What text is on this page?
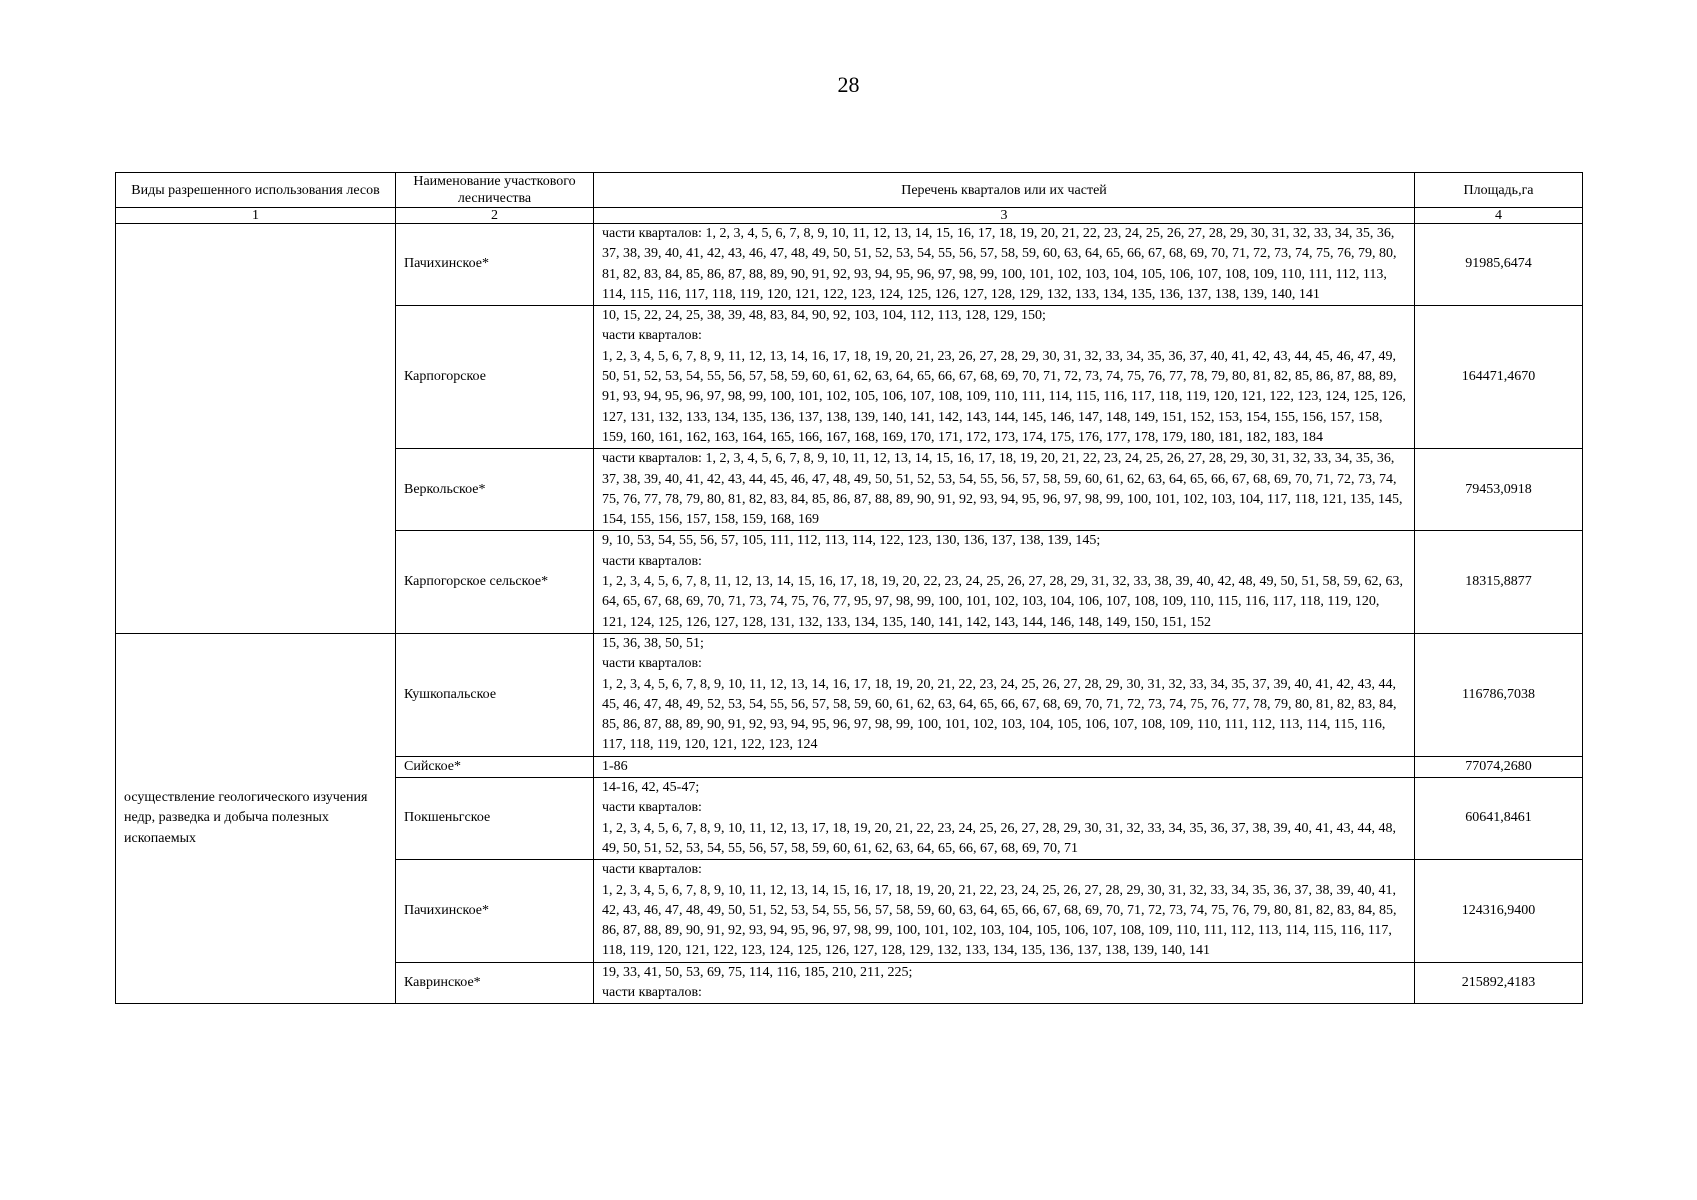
28
Виды разрешенного использования лесов	Наименование участкового лесничества	Перечень кварталов или их частей	Площадь,га
1	2	3	4
	Пачихинское*	части кварталов: 1, 2, 3, 4, 5, 6, 7, 8, 9, 10, 11, 12, 13, 14, 15, 16, 17, 18, 19, 20, 21, 22, 23, 24, 25, 26, 27, 28, 29, 30, 31, 32, 33, 34, 35, 36, 37, 38, 39, 40, 41, 42, 43, 46, 47, 48, 49, 50, 51, 52, 53, 54, 55, 56, 57, 58, 59, 60, 63, 64, 65, 66, 67, 68, 69, 70, 71, 72, 73, 74, 75, 76, 79, 80, 81, 82, 83, 84, 85, 86, 87, 88, 89, 90, 91, 92, 93, 94, 95, 96, 97, 98, 99, 100, 101, 102, 103, 104, 105, 106, 107, 108, 109, 110, 111, 112, 113, 114, 115, 116, 117, 118, 119, 120, 121, 122, 123, 124, 125, 126, 127, 128, 129, 132, 133, 134, 135, 136, 137, 138, 139, 140, 141	91985,6474
	Карпогорское	10, 15, 22, 24, 25, 38, 39, 48, 83, 84, 90, 92, 103, 104, 112, 113, 128, 129, 150;
части кварталов:
1, 2, 3, 4, 5, 6, 7, 8, 9, 11, 12, 13, 14, 16, 17, 18, 19, 20, 21, 23, 26, 27, 28, 29, 30, 31, 32, 33, 34, 35, 36, 37, 40, 41, 42, 43, 44, 45, 46, 47, 49, 50, 51, 52, 53, 54, 55, 56, 57, 58, 59, 60, 61, 62, 63, 64, 65, 66, 67, 68, 69, 70, 71, 72, 73, 74, 75, 76, 77, 78, 79, 80, 81, 82, 85, 86, 87, 88, 89, 91, 93, 94, 95, 96, 97, 98, 99, 100, 101, 102, 105, 106, 107, 108, 109, 110, 111, 114, 115, 116, 117, 118, 119, 120, 121, 122, 123, 124, 125, 126, 127, 131, 132, 133, 134, 135, 136, 137, 138, 139, 140, 141, 142, 143, 144, 145, 146, 147, 148, 149, 151, 152, 153, 154, 155, 156, 157, 158, 159, 160, 161, 162, 163, 164, 165, 166, 167, 168, 169, 170, 171, 172, 173, 174, 175, 176, 177, 178, 179, 180, 181, 182, 183, 184	164471,4670
	Веркольское*	части кварталов: 1, 2, 3, 4, 5, 6, 7, 8, 9, 10, 11, 12, 13, 14, 15, 16, 17, 18, 19, 20, 21, 22, 23, 24, 25, 26, 27, 28, 29, 30, 31, 32, 33, 34, 35, 36, 37, 38, 39, 40, 41, 42, 43, 44, 45, 46, 47, 48, 49, 50, 51, 52, 53, 54, 55, 56, 57, 58, 59, 60, 61, 62, 63, 64, 65, 66, 67, 68, 69, 70, 71, 72, 73, 74, 75, 76, 77, 78, 79, 80, 81, 82, 83, 84, 85, 86, 87, 88, 89, 90, 91, 92, 93, 94, 95, 96, 97, 98, 99, 100, 101, 102, 103, 104, 117, 118, 121, 135, 145, 154, 155, 156, 157, 158, 159, 168, 169	79453,0918
	Карпогорское сельское*	9, 10, 53, 54, 55, 56, 57, 105, 111, 112, 113, 114, 122, 123, 130, 136, 137, 138, 139, 145;
части кварталов:
1, 2, 3, 4, 5, 6, 7, 8, 11, 12, 13, 14, 15, 16, 17, 18, 19, 20, 22, 23, 24, 25, 26, 27, 28, 29, 31, 32, 33, 38, 39, 40, 42, 48, 49, 50, 51, 58, 59, 62, 63, 64, 65, 67, 68, 69, 70, 71, 73, 74, 75, 76, 77, 95, 97, 98, 99, 100, 101, 102, 103, 104, 106, 107, 108, 109, 110, 115, 116, 117, 118, 119, 120, 121, 124, 125, 126, 127, 128, 131, 132, 133, 134, 135, 140, 141, 142, 143, 144, 146, 148, 149, 150, 151, 152	18315,8877
осуществление геологического изучения недр, разведка и добыча полезных ископаемых	Кушкопальское	15, 36, 38, 50, 51;
части кварталов:
1, 2, 3, 4, 5, 6, 7, 8, 9, 10, 11, 12, 13, 14, 16, 17, 18, 19, 20, 21, 22, 23, 24, 25, 26, 27, 28, 29, 30, 31, 32, 33, 34, 35, 37, 39, 40, 41, 42, 43, 44, 45, 46, 47, 48, 49, 52, 53, 54, 55, 56, 57, 58, 59, 60, 61, 62, 63, 64, 65, 66, 67, 68, 69, 70, 71, 72, 73, 74, 75, 76, 77, 78, 79, 80, 81, 82, 83, 84, 85, 86, 87, 88, 89, 90, 91, 92, 93, 94, 95, 96, 97, 98, 99, 100, 101, 102, 103, 104, 105, 106, 107, 108, 109, 110, 111, 112, 113, 114, 115, 116, 117, 118, 119, 120, 121, 122, 123, 124	116786,7038
	Сийское*	1-86	77074,2680
	Покшеньгское	14-16, 42, 45-47;
части кварталов:
1, 2, 3, 4, 5, 6, 7, 8, 9, 10, 11, 12, 13, 17, 18, 19, 20, 21, 22, 23, 24, 25, 26, 27, 28, 29, 30, 31, 32, 33, 34, 35, 36, 37, 38, 39, 40, 41, 43, 44, 48, 49, 50, 51, 52, 53, 54, 55, 56, 57, 58, 59, 60, 61, 62, 63, 64, 65, 66, 67, 68, 69, 70, 71	60641,8461
	Пачихинское*	части кварталов:
1, 2, 3, 4, 5, 6, 7, 8, 9, 10, 11, 12, 13, 14, 15, 16, 17, 18, 19, 20, 21, 22, 23, 24, 25, 26, 27, 28, 29, 30, 31, 32, 33, 34, 35, 36, 37, 38, 39, 40, 41, 42, 43, 46, 47, 48, 49, 50, 51, 52, 53, 54, 55, 56, 57, 58, 59, 60, 63, 64, 65, 66, 67, 68, 69, 70, 71, 72, 73, 74, 75, 76, 79, 80, 81, 82, 83, 84, 85, 86, 87, 88, 89, 90, 91, 92, 93, 94, 95, 96, 97, 98, 99, 100, 101, 102, 103, 104, 105, 106, 107, 108, 109, 110, 111, 112, 113, 114, 115, 116, 117, 118, 119, 120, 121, 122, 123, 124, 125, 126, 127, 128, 129, 132, 133, 134, 135, 136, 137, 138, 139, 140, 141	124316,9400
	Кавринское*	19, 33, 41, 50, 53, 69, 75, 114, 116, 185, 210, 211, 225;
части кварталов:	215892,4183
